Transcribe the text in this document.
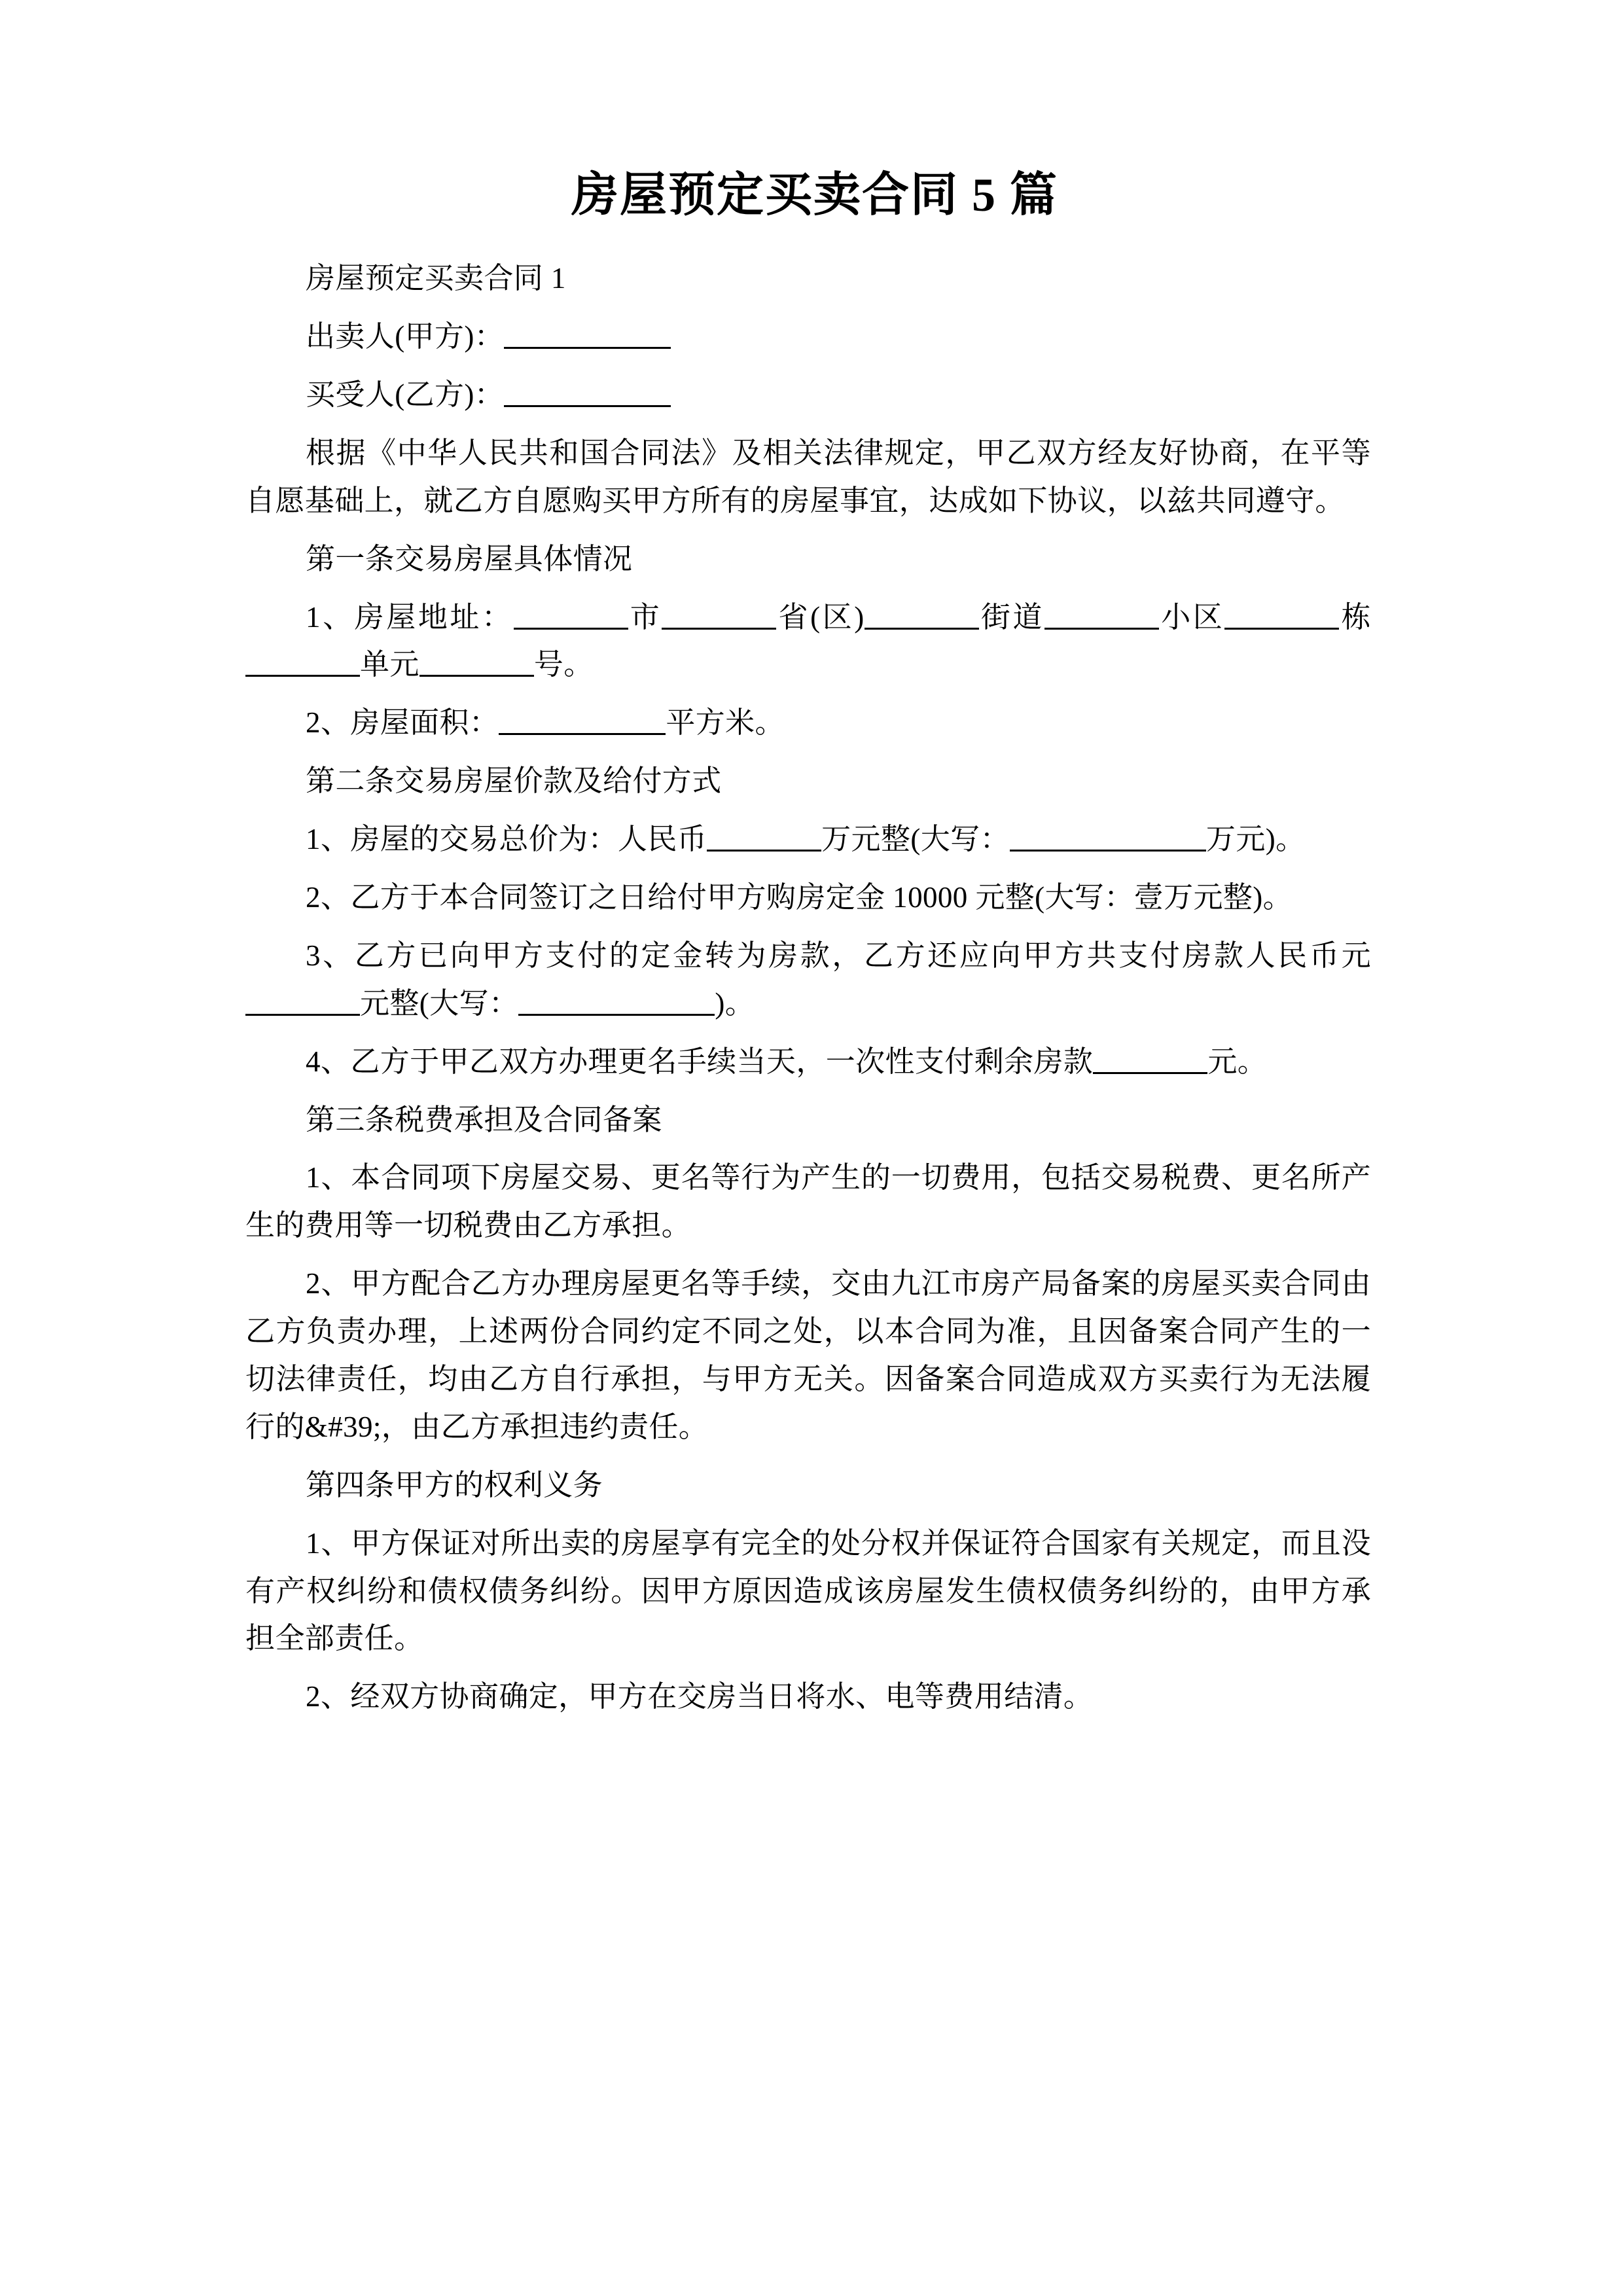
房屋预定买卖合同 5 篇

房屋预定买卖合同 1

出卖人(甲方)：

买受人(乙方)：

根据《中华人民共和国合同法》及相关法律规定，甲乙双方经友好协商，在平等自愿基础上，就乙方自愿购买甲方所有的房屋事宜，达成如下协议，以兹共同遵守。

第一条交易房屋具体情况

1、房屋地址：	市	省(区)	街道	小区	栋单元	号。

2、房屋面积：	平方米。

第二条交易房屋价款及给付方式

1、房屋的交易总价为：人民币	万元整(大写：	万元)。

2、乙方于本合同签订之日给付甲方购房定金 10000 元整(大写：壹万元整)。

3、乙方已向甲方支付的定金转为房款，乙方还应向甲方共支付房款人民币元元整(大写：	)。

4、乙方于甲乙双方办理更名手续当天，一次性支付剩余房款	元。

第三条税费承担及合同备案

1、本合同项下房屋交易、更名等行为产生的一切费用，包括交易税费、更名所产生的费用等一切税费由乙方承担。

2、甲方配合乙方办理房屋更名等手续，交由九江市房产局备案的房屋买卖合同由乙方负责办理，上述两份合同约定不同之处，以本合同为准，且因备案合同产生的一切法律责任，均由乙方自行承担，与甲方无关。因备案合同造成双方买卖行为无法履行的&#39;，由乙方承担违约责任。

第四条甲方的权利义务

1、甲方保证对所出卖的房屋享有完全的处分权并保证符合国家有关规定，而且没有产权纠纷和债权债务纠纷。因甲方原因造成该房屋发生债权债务纠纷的，由甲方承担全部责任。

2、经双方协商确定，甲方在交房当日将水、电等费用结清。
